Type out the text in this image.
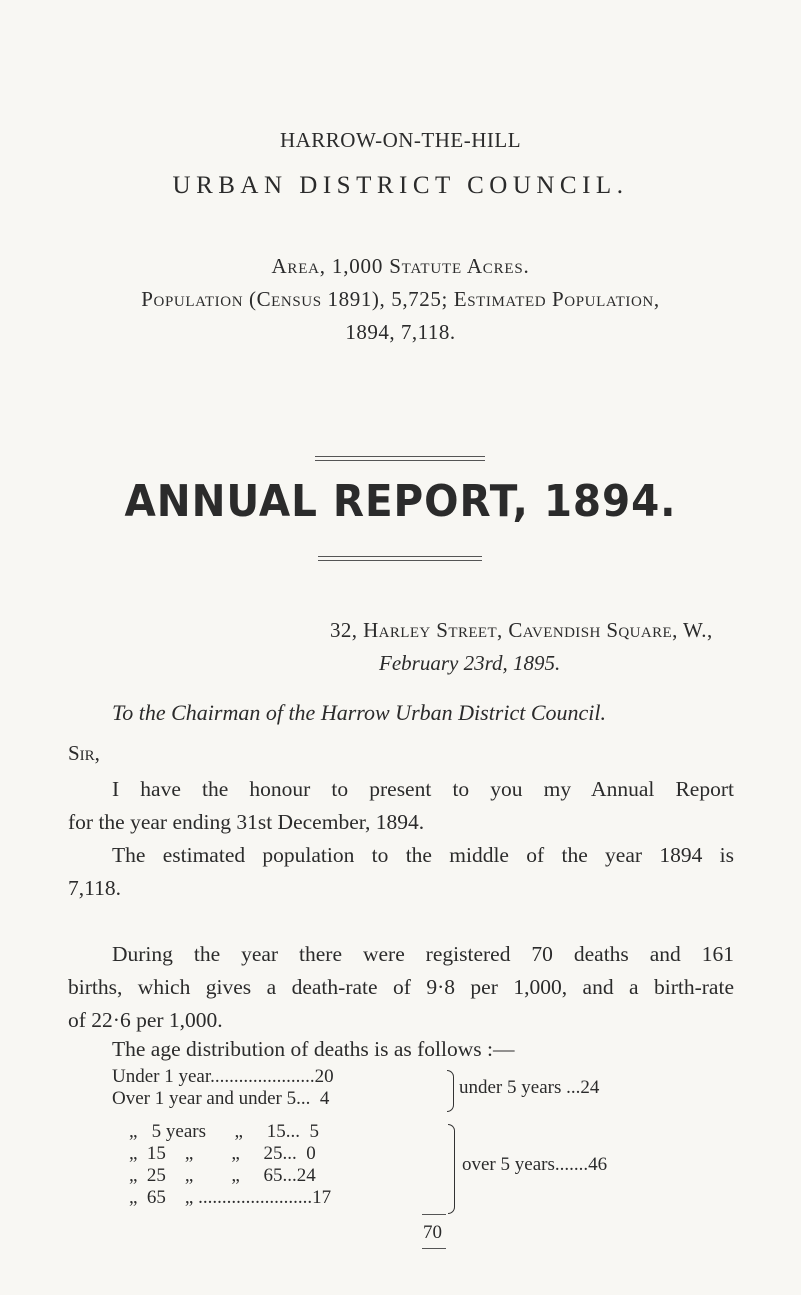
HARROW-ON-THE-HILL
URBAN DISTRICT COUNCIL.
Area, 1,000 Statute Acres.
Population (Census 1891), 5,725; Estimated Population,
1894, 7,118.
ANNUAL REPORT, 1894.
32, Harley Street, Cavendish Square, W.,
February 23rd, 1895.
To the Chairman of the Harrow Urban District Council.
Sir,
I have the honour to present to you my Annual Report
for the year ending 31st December, 1894.
The estimated population to the middle of the year 1894 is
7,118.
During the year there were registered 70 deaths and 161
births, which gives a death-rate of 9·8 per 1,000, and a birth-rate
of 22·6 per 1,000.
The age distribution of deaths is as follows :—
Under 1 year......................20
Over 1 year and under 5...  4
under 5 years ...24
„   5 years      „     15...  5
„  15    „        „     25...  0
„  25    „        „     65...24
„  65    „ ........................17
over 5 years.......46
70
